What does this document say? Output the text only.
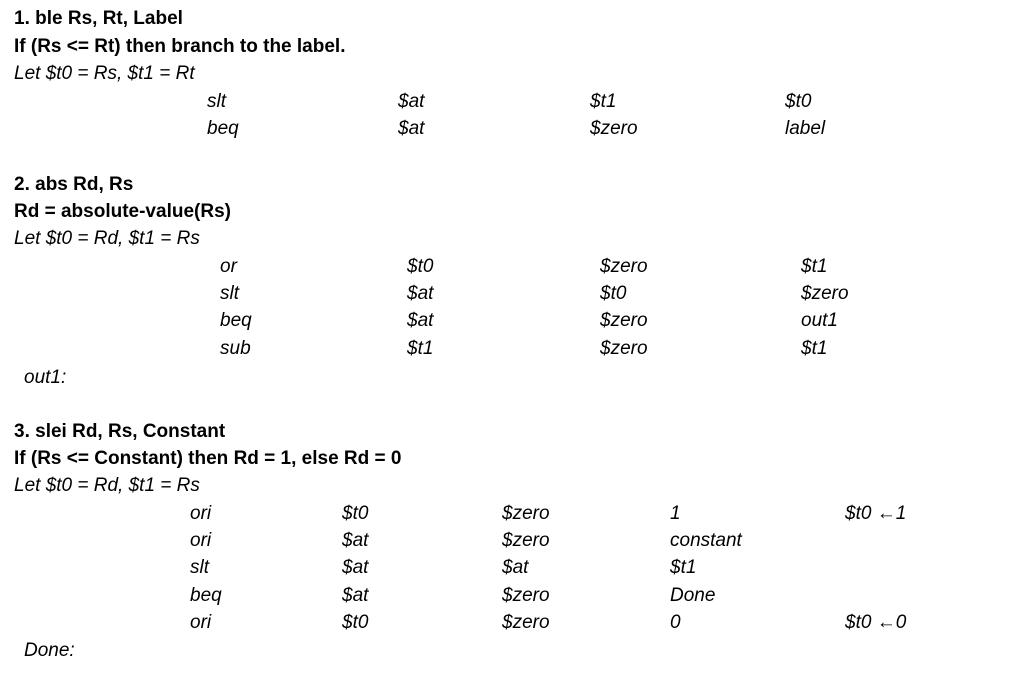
1. ble Rs, Rt, Label
If (Rs <= Rt) then branch to the label.
Let $t0 = Rs, $t1 = Rt
slt	$at	$t1	$t0
beq	$at	$zero	label
2. abs Rd, Rs
Rd = absolute-value(Rs)
Let $t0 = Rd, $t1 = Rs
or	$t0	$zero	$t1
slt	$at	$t0	$zero
beq	$at	$zero	out1
sub	$t1	$zero	$t1
out1:
3. slei Rd, Rs, Constant
If (Rs <= Constant) then Rd = 1, else Rd = 0
Let $t0 = Rd, $t1 = Rs
ori	$t0	$zero	1	$t0 ←1
ori	$at	$zero	constant
slt	$at	$at	$t1
beq	$at	$zero	Done
ori	$t0	$zero	0	$t0 ←0
Done:
